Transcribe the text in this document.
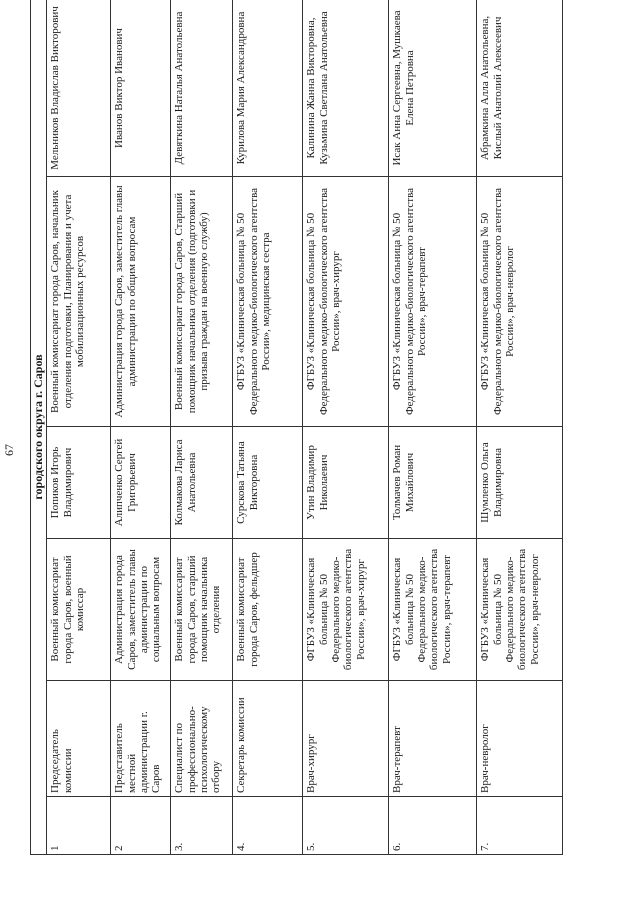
67 городского округа г. Саров					
1	Председатель комиссии	Военный комиссариат города Саров, военный комиссар	Попиков Игорь Владимирович	Военный комиссариат города Саров, начальник отделения подготовки, Планирования и учета мобилизационных ресурсов	Мельников Владислав Викторович
2	Представитель местной администрации г. Саров	Администрация города Саров, заместитель главы администрации по социальным вопросам	Алипченко Сергей Григорьевич	Администрация города Саров, заместитель главы администрации по общим вопросам	Иванов Виктор Иванович
3.	Специалист по профессионально-психологическому отбору	Военный комиссариат города Саров, старший помощник начальника отделения	Колмакова Лариса Анатольевна	Военный комиссариат города Саров, Старший помощник начальника отделения (подготовки и призыва граждан на военную службу)	Девяткина Наталья Анатольевна
4.	Секретарь комиссии	Военный комиссариат города Саров, фельдшер	Сурскова Татьяна Викторовна	ФГБУЗ «Клиническая больница № 50 Федерального медико-биологического агентства России», медицинская сестра	Курилова Мария Александровна
5.	Врач-хирург	ФГБУЗ «Клиническая больница № 50 Федерального медико-биологического агентства России», врач-хирург	Утин Владимир Николаевич	ФГБУЗ «Клиническая больница № 50 Федерального медико-биологического агентства России», врач-хирург	Калинина Жанна Викторовна, Кузьмина Светлана Анатольевна
6.	Врач-терапевт	ФГБУЗ «Клиническая больница № 50 Федерального медико-биологического агентства России», врач-терапевт	Толмачев Роман Михайлович	ФГБУЗ «Клиническая больница № 50 Федерального медико-биологического агентства России», врач-терапевт	Исак Анна Сергеевна, Мушкаева Елена Петровна
7.	Врач-невролог	ФГБУЗ «Клиническая больница № 50 Федерального медико-биологического агентства России», врач-невролог	Шумленко Ольга Владимировна	ФГБУЗ «Клиническая больница № 50 Федерального медико-биологического агентства России», врач-невролог	Абрамкина Алла Анатольевна, Кислый Анатолий Алексеевич
